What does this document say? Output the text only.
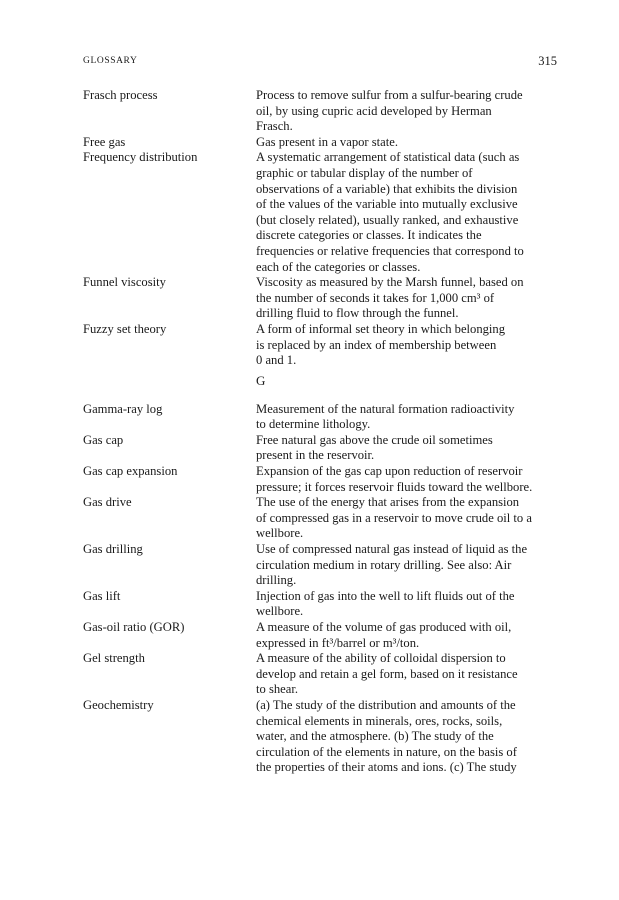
GLOSSARY	315
Frasch process	Process to remove sulfur from a sulfur-bearing crude
oil, by using cupric acid developed by Herman
Frasch.
Free gas	Gas present in a vapor state.
Frequency distribution	A systematic arrangement of statistical data (such as
graphic or tabular display of the number of
observations of a variable) that exhibits the division
of the values of the variable into mutually exclusive
(but closely related), usually ranked, and exhaustive
discrete categories or classes. It indicates the
frequencies or relative frequencies that correspond to
each of the categories or classes.
Funnel viscosity	Viscosity as measured by the Marsh funnel, based on
the number of seconds it takes for 1,000 cm³ of
drilling fluid to flow through the funnel.
Fuzzy set theory	A form of informal set theory in which belonging
is replaced by an index of membership between
0 and 1.
G
Gamma-ray log	Measurement of the natural formation radioactivity
to determine lithology.
Gas cap	Free natural gas above the crude oil sometimes
present in the reservoir.
Gas cap expansion	Expansion of the gas cap upon reduction of reservoir
pressure; it forces reservoir fluids toward the wellbore.
Gas drive	The use of the energy that arises from the expansion
of compressed gas in a reservoir to move crude oil to a
wellbore.
Gas drilling	Use of compressed natural gas instead of liquid as the
circulation medium in rotary drilling. See also: Air
drilling.
Gas lift	Injection of gas into the well to lift fluids out of the
wellbore.
Gas-oil ratio (GOR)	A measure of the volume of gas produced with oil,
expressed in ft³/barrel or m³/ton.
Gel strength	A measure of the ability of colloidal dispersion to
develop and retain a gel form, based on it resistance
to shear.
Geochemistry	(a) The study of the distribution and amounts of the
chemical elements in minerals, ores, rocks, soils,
water, and the atmosphere. (b) The study of the
circulation of the elements in nature, on the basis of
the properties of their atoms and ions. (c) The study
